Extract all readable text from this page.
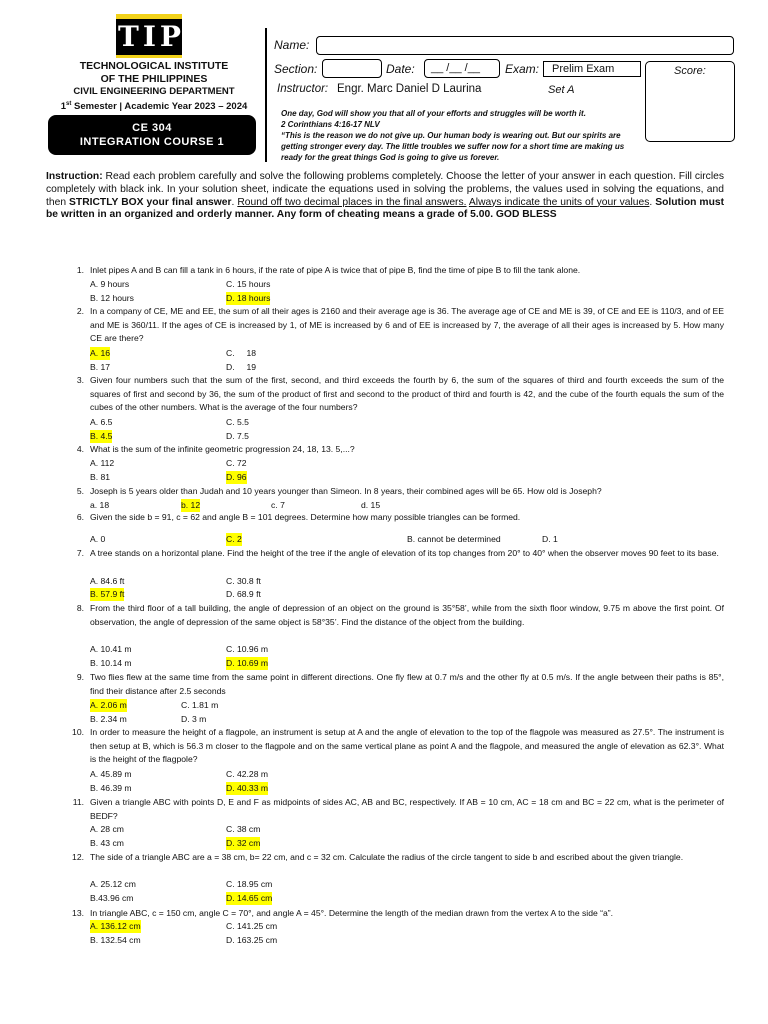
TIP
TECHNOLOGICAL INSTITUTE
OF THE PHILIPPINES
CIVIL ENGINEERING DEPARTMENT
1st Semester | Academic Year 2023 – 2024
CE 304
INTEGRATION COURSE 1
Name:
Section:	Date:	__ /__ /__	Exam:	Prelim Exam	Score:
Instructor: Engr. Marc Daniel D Laurina	Set A
One day, God will show you that all of your efforts and struggles will be worth it.
2 Corinthians 4:16-17 NLV
“This is the reason we do not give up. Our human body is wearing out. But our spirits are getting stronger every day. The little troubles we suffer now for a short time are making us ready for the great things God is going to give us forever.
Instruction: Read each problem carefully and solve the following problems completely. Choose the letter of your answer in each question. Fill circles completely with black ink. In your solution sheet, indicate the equations used in solving the problems, the values used in solving the equations, and then STRICTLY BOX your final answer. Round off two decimal places in the final answers. Always indicate the units of your values. Solution must be written in an organized and orderly manner. Any form of cheating means a grade of 5.00. GOD BLESS
1. Inlet pipes A and B can fill a tank in 6 hours, if the rate of pipe A is twice that of pipe B, find the time of pipe B to fill the tank alone.
A. 9 hours	C. 15 hours
B. 12 hours	D. 18 hours
2. In a company of CE, ME and EE, the sum of all their ages is 2160 and their average age is 36. The average age of CE and ME is 39, of CE and EE is 110/3, and of EE and ME is 360/11. If the ages of CE is increased by 1, of ME is increased by 6 and of EE is increased by 7, the average of all their ages is increased by 5. How many CE are there?
A. 16	C.     18
B. 17	D.     19
3. Given four numbers such that the sum of the first, second, and third exceeds the fourth by 6, the sum of the squares of third and fourth exceeds the sum of the squares of first and second by 36, the sum of the product of first and second to the product of third and fourth is 42, and the cube of the fourth equals the sum of the cubes of the other numbers. What is the average of the four numbers?
A. 6.5	C. 5.5
B. 4.5	D. 7.5
4. What is the sum of the infinite geometric progression 24, 18, 13. 5,...?
A. 112	C. 72
B. 81	D. 96
5. Joseph is 5 years older than Judah and 10 years younger than Simeon. In 8 years, their combined ages will be 65. How old is Joseph?
a. 18	b. 12	c. 7	d. 15
6. Given the side b = 91, c = 62 and angle B = 101 degrees. Determine how many possible triangles can be formed.
A. 0	C. 2	B. cannot be determined	D. 1
7. A tree stands on a horizontal plane. Find the height of the tree if the angle of elevation of its top changes from 20° to 40° when the observer moves 90 feet to its base.
A. 84.6 ft	C. 30.8 ft
B. 57.9 ft	D. 68.9 ft
8. From the third floor of a tall building, the angle of depression of an object on the ground is 35°58’, while from the sixth floor window, 9.75 m above the first point. Of observation, the angle of depression of the same object is 58°35’. Find the distance of the object from the building.
A. 10.41 m	C. 10.96 m
B. 10.14 m	D. 10.69 m
9. Two flies flew at the same time from the same point in different directions. One fly flew at 0.7 m/s and the other fly at 0.5 m/s. If the angle between their paths is 85°, find their distance after 2.5 seconds
A. 2.06 m	C. 1.81 m
B. 2.34 m	D. 3 m
10. In order to measure the height of a flagpole, an instrument is setup at A and the angle of elevation to the top of the flagpole was measured as 27.5°. The instrument is then setup at B, which is 56.3 m closer to the flagpole and on the same vertical plane as point A and the flagpole, and measured the angle of elevation as 62.3°. What is the height of the flagpole?
A. 45.89 m	C. 42.28 m
B. 46.39 m	D. 40.33 m
11. Given a triangle ABC with points D, E and F as midpoints of sides AC, AB and BC, respectively. If AB = 10 cm, AC = 18 cm and BC = 22 cm, what is the perimeter of BEDF?
A. 28 cm	C. 38 cm
B. 43 cm	D. 32 cm
12. The side of a triangle ABC are a = 38 cm, b= 22 cm, and c = 32 cm. Calculate the radius of the circle tangent to side b and escribed about the given triangle.
A. 25.12 cm	C. 18.95 cm
B.43.96 cm	D. 14.65 cm
13. In triangle ABC, c = 150 cm, angle C = 70°, and angle A = 45°. Determine the length of the median drawn from the vertex A to the side “a”.
A. 136.12 cm	C. 141.25 cm
B. 132.54 cm	D. 163.25 cm
